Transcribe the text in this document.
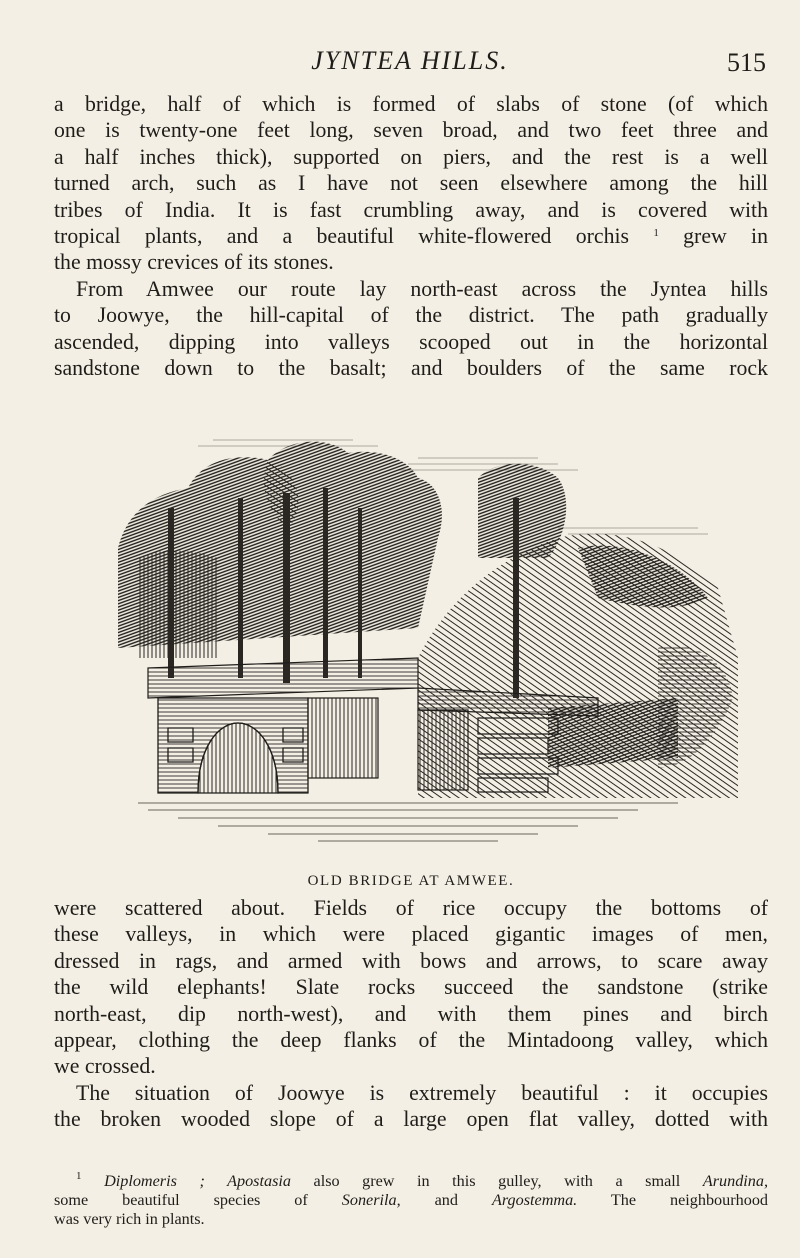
JYNTEA HILLS.	515
a bridge, half of which is formed of slabs of stone (of which
one is twenty-one feet long, seven broad, and two feet three and
a half inches thick), supported on piers, and the rest is a well
turned arch, such as I have not seen elsewhere among the hill
tribes of India. It is fast crumbling away, and is covered with
tropical plants, and a beautiful white-flowered orchis $^1$ grew in
the mossy crevices of its stones.
From Amwee our route lay north-east across the Jyntea hills
to Joowye, the hill-capital of the district. The path gradually
ascended, dipping into valleys scooped out in the horizontal
sandstone down to the basalt; and boulders of the same rock
OLD BRIDGE AT AMWEE.
were scattered about. Fields of rice occupy the bottoms of
these valleys, in which were placed gigantic images of men,
dressed in rags, and armed with bows and arrows, to scare away
the wild elephants! Slate rocks succeed the sandstone (strike
north-east, dip north-west), and with them pines and birch
appear, clothing the deep flanks of the Mintadoong valley, which
we crossed.
The situation of Joowye is extremely beautiful : it occupies
the broken wooded slope of a large open flat valley, dotted with
$^1$ Diplomeris ; Apostasia also grew in this gulley, with a small Arundina,
some beautiful species of Sonerila, and Argostemma. The neighbourhood
was very rich in plants.
